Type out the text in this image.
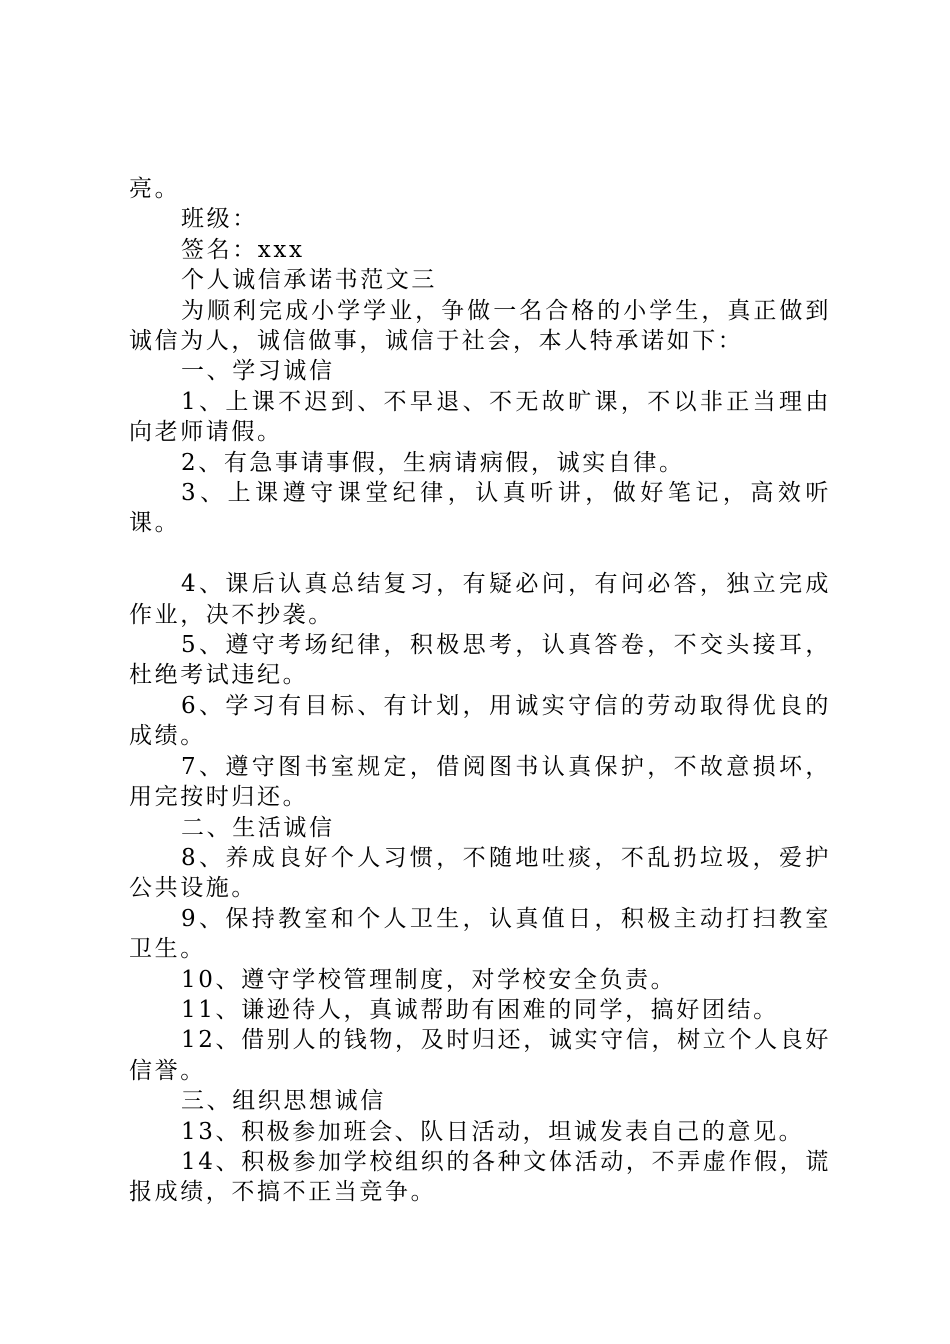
亮。

班级：

签名：xxx

个人诚信承诺书范文三

为顺利完成小学学业，争做一名合格的小学生，真正做到诚信为人，诚信做事，诚信于社会，本人特承诺如下：

一、学习诚信

1、上课不迟到、不早退、不无故旷课，不以非正当理由向老师请假。

2、有急事请事假，生病请病假，诚实自律。

3、上课遵守课堂纪律，认真听讲，做好笔记，高效听课。

4、课后认真总结复习，有疑必问，有问必答，独立完成作业，决不抄袭。

5、遵守考场纪律，积极思考，认真答卷，不交头接耳，杜绝考试违纪。

6、学习有目标、有计划，用诚实守信的劳动取得优良的成绩。

7、遵守图书室规定，借阅图书认真保护，不故意损坏，用完按时归还。

二、生活诚信

8、养成良好个人习惯，不随地吐痰，不乱扔垃圾，爱护公共设施。

9、保持教室和个人卫生，认真值日，积极主动打扫教室卫生。

10、遵守学校管理制度，对学校安全负责。

11、谦逊待人，真诚帮助有困难的同学，搞好团结。

12、借别人的钱物，及时归还，诚实守信，树立个人良好信誉。

三、组织思想诚信

13、积极参加班会、队日活动，坦诚发表自己的意见。

14、积极参加学校组织的各种文体活动，不弄虚作假，谎报成绩，不搞不正当竞争。
